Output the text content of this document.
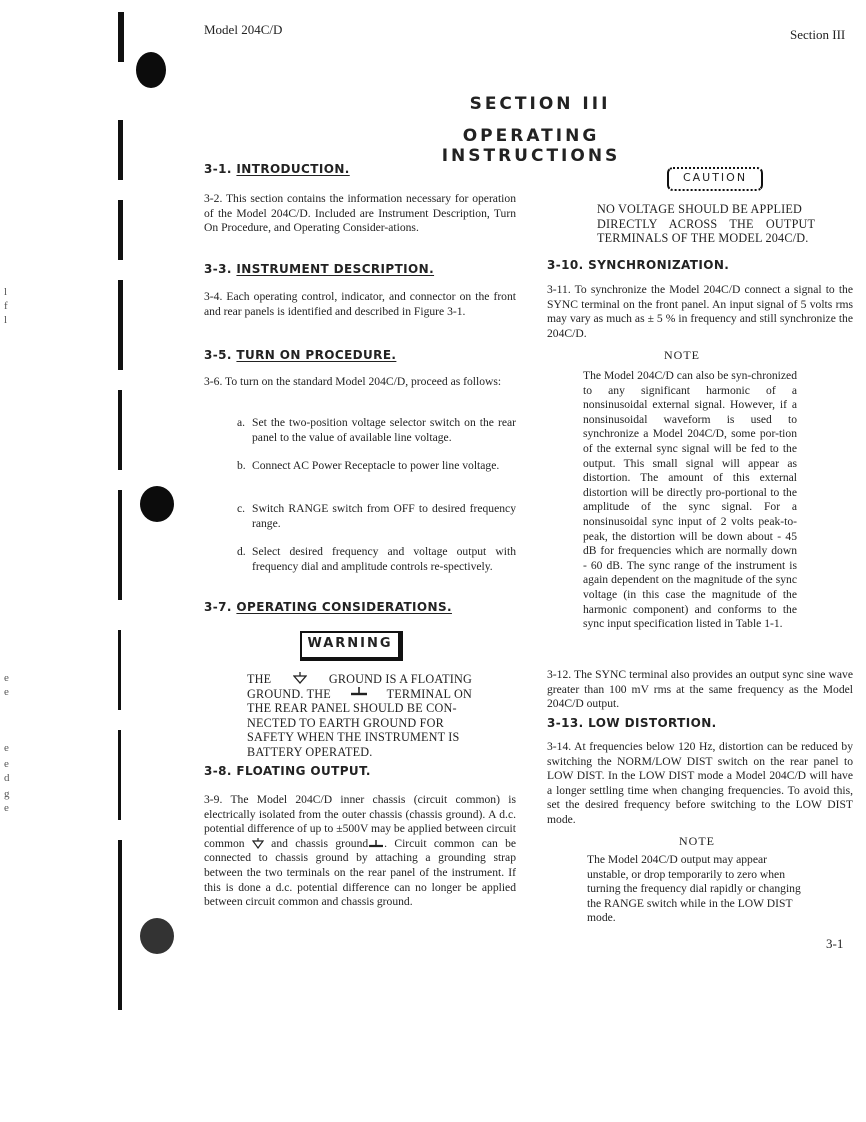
Model 204C/D	Section III
l
f
l
e
e
e
e
d
g
e
SECTION III
OPERATING INSTRUCTIONS
3-1. INTRODUCTION.
3-2. This section contains the information necessary for operation of the Model 204C/D. Included are Instrument Description, Turn On Procedure, and Operating Consider-ations.
3-3. INSTRUMENT DESCRIPTION.
3-4. Each operating control, indicator, and connector on the front and rear panels is identified and described in Figure 3-1.
3-5. TURN ON PROCEDURE.
3-6. To turn on the standard Model 204C/D, proceed as follows:
a. Set the two-position voltage selector switch on the rear panel to the value of available line voltage.
b. Connect AC Power Receptacle to power line voltage.
c. Switch RANGE switch from OFF to desired frequency range.
d. Select desired frequency and voltage output with frequency dial and amplitude controls re-spectively.
3-7. OPERATING CONSIDERATIONS.
WARNING
THE	GROUND IS A FLOATING
GROUND. THE	TERMINAL ON
THE REAR PANEL SHOULD BE CON-
NECTED TO EARTH GROUND FOR
SAFETY WHEN THE INSTRUMENT IS
BATTERY OPERATED.
3-8. FLOATING OUTPUT.
3-9. The Model 204C/D inner chassis (circuit common) is electrically isolated from the outer chassis (chassis ground). A d.c. potential difference of up to ±500V may be applied between circuit common and chassis ground . Circuit common can be connected to chassis ground by attaching a grounding strap between the two terminals on the rear panel of the instrument. If this is done a d.c. potential difference can no longer be applied between circuit common and chassis ground.
CAUTION
NO VOLTAGE SHOULD BE APPLIED
DIRECTLY ACROSS THE OUTPUT
TERMINALS OF THE MODEL 204C/D.
3-10. SYNCHRONIZATION.
3-11. To synchronize the Model 204C/D connect a signal to the SYNC terminal on the front panel. An input signal of 5 volts rms may vary as much as ± 5 % in frequency and still synchronize the 204C/D.
NOTE
The Model 204C/D can also be syn-chronized to any significant harmonic of a nonsinusoidal external signal. However, if a nonsinusoidal waveform is used to synchronize a Model 204C/D, some por-tion of the external sync signal will be fed to the output. This small signal will appear as distortion. The amount of this external distortion will be directly pro-portional to the amplitude of the sync signal. For a nonsinusoidal sync input of 2 volts peak-to-peak, the distortion will be down about - 45 dB for frequencies which are normally down - 60 dB. The sync range of the instrument is again dependent on the magnitude of the sync voltage (in this case the magnitude of the harmonic component) and conforms to the sync input specification listed in Table 1-1.
3-12. The SYNC terminal also provides an output sync sine wave greater than 100 mV rms at the same frequency as the Model 204C/D output.
3-13. LOW DISTORTION.
3-14. At frequencies below 120 Hz, distortion can be reduced by switching the NORM/LOW DIST switch on the rear panel to LOW DIST. In the LOW DIST mode a Model 204C/D will have a longer settling time when changing frequencies. To avoid this, set the desired frequency before switching to the LOW DIST mode.
NOTE
The Model 204C/D output may appear unstable, or drop temporarily to zero when turning the frequency dial rapidly or changing the RANGE switch while in the LOW DIST mode.
3-1
